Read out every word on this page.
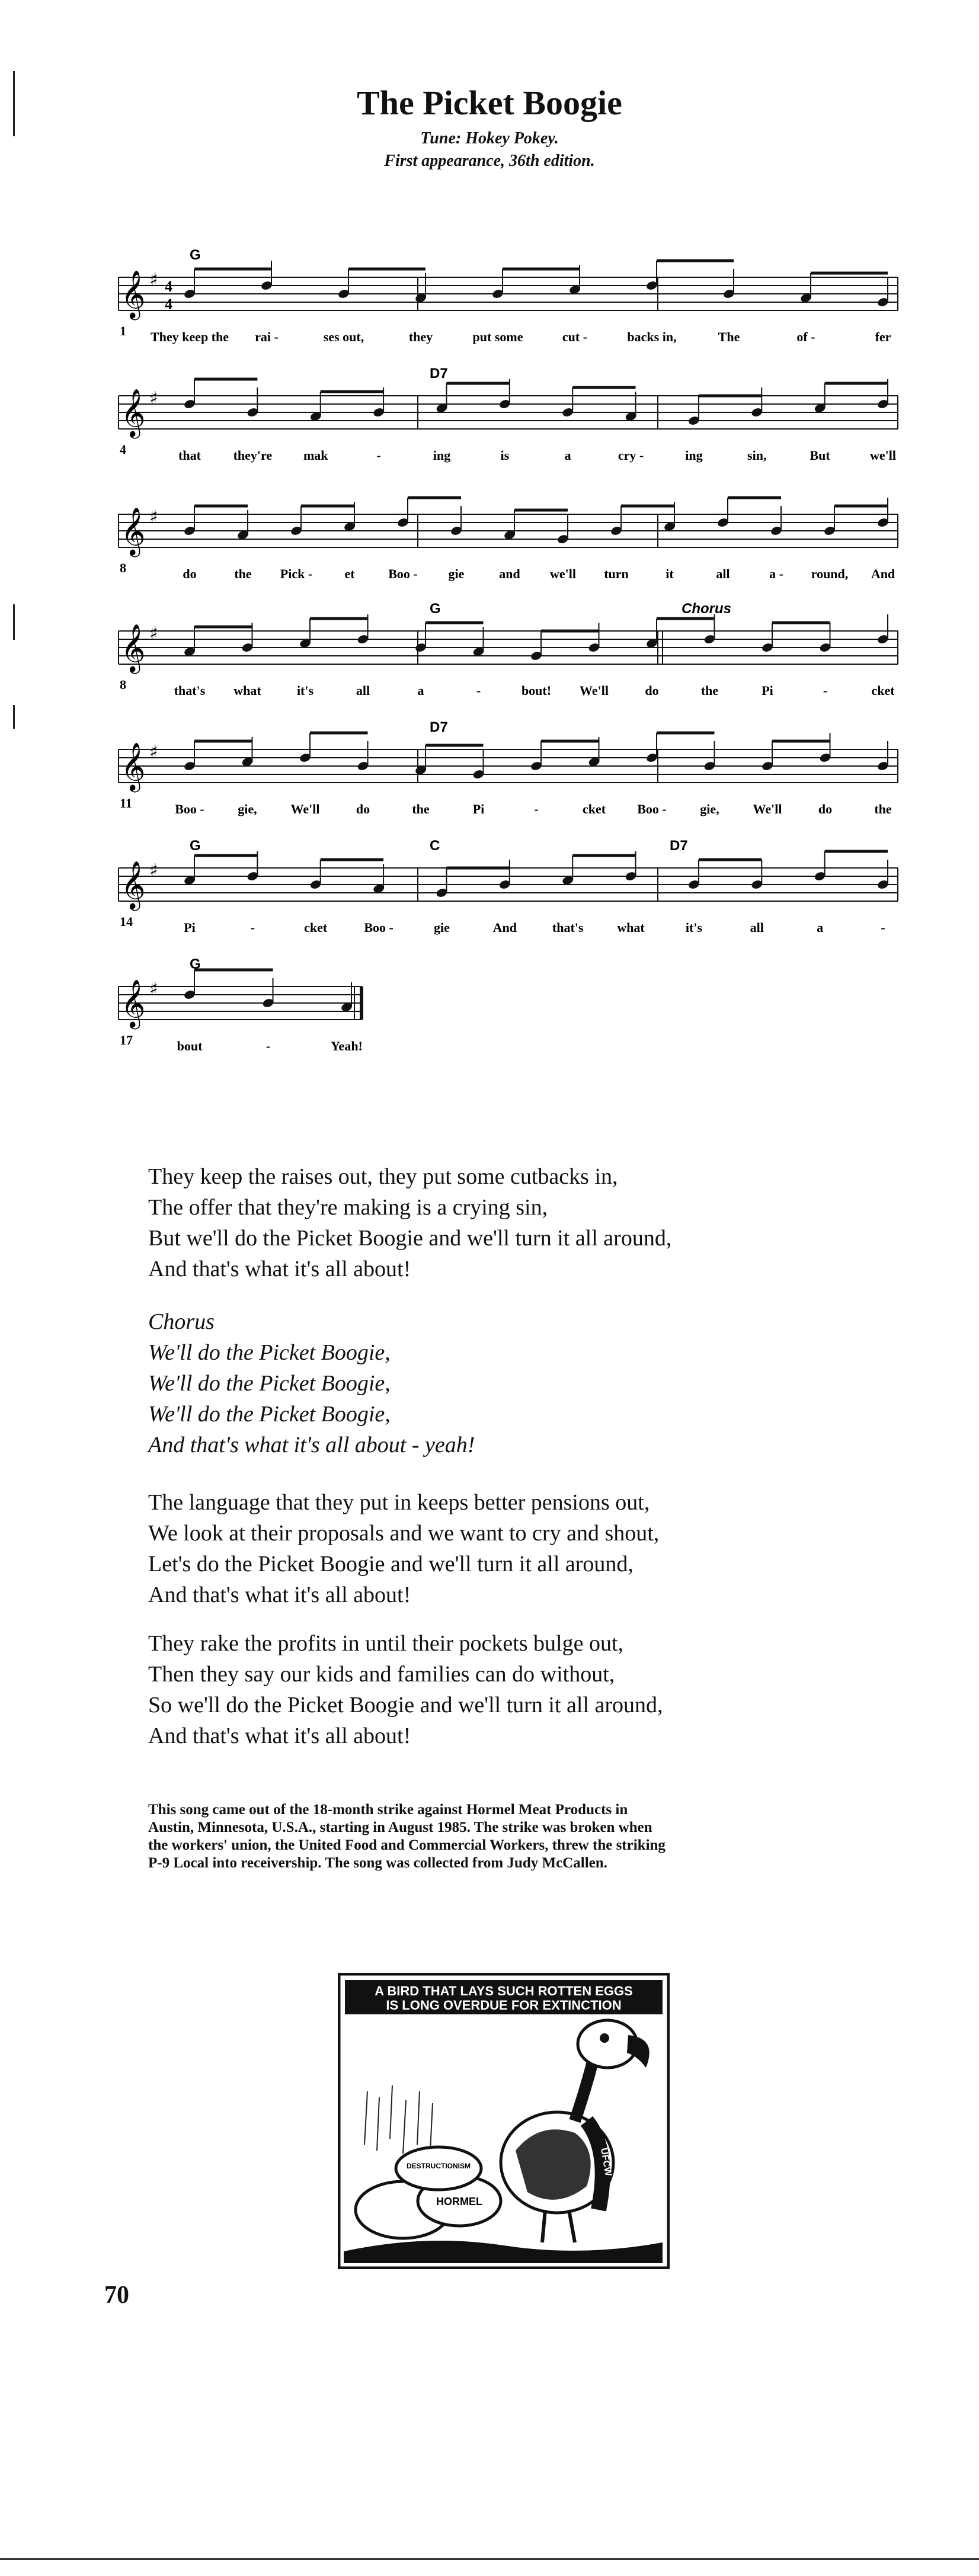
The Picket Boogie
Tune: Hokey Pokey.
First appearance, 36th edition.
𝄞 ♯ 4
4
They keep the rai -	ses out,	they	put some	cut -	backs in,	The	of -	fer
1
G
𝄞 ♯
that they're mak	-	ing	is	a	cry -	ing	sin,	But	we'll
4
D7
𝄞 ♯
do	the Pick - et	Boo - gie	and we'll turn	it	all	a - round, And
8
𝄞 ♯
that's what	it's	all	a	-	bout! We'll	do	the	Pi	-	cket
8
G	Chorus
𝄞 ♯
Boo -	gie,	We'll	do	the	Pi	-	cket Boo -	gie,	We'll	do	the
11
D7
𝄞 ♯
Pi	-	cket	Boo -	gie	And	that's	what	it's	all	a	-
14
G	C	D7
𝄞 ♯
bout	-	Yeah!
17
G

They keep the raises out, they put some cutbacks in,

The offer that they're making is a crying sin,

But we'll do the Picket Boogie and we'll turn it all around,

And that's what it's all about!

Chorus

We'll do the Picket Boogie,

We'll do the Picket Boogie,

We'll do the Picket Boogie,

And that's what it's all about - yeah!

The language that they put in keeps better pensions out,

We look at their proposals and we want to cry and shout,

Let's do the Picket Boogie and we'll turn it all around,

And that's what it's all about!

They rake the profits in until their pockets bulge out,

Then they say our kids and families can do without,

So we'll do the Picket Boogie and we'll turn it all around,

And that's what it's all about!

This song came out of the 18-month strike against Hormel Meat Products in
Austin, Minnesota, U.S.A., starting in August 1985. The strike was broken when
the workers' union, the United Food and Commercial Workers, threw the striking
P-9 Local into receivership. The song was collected from Judy McCallen.
A BIRD THAT LAYS SUCH ROTTEN EGGS
IS LONG OVERDUE FOR EXTINCTION
DESTRUCTIONISM
HORMEL
UFCW
70
